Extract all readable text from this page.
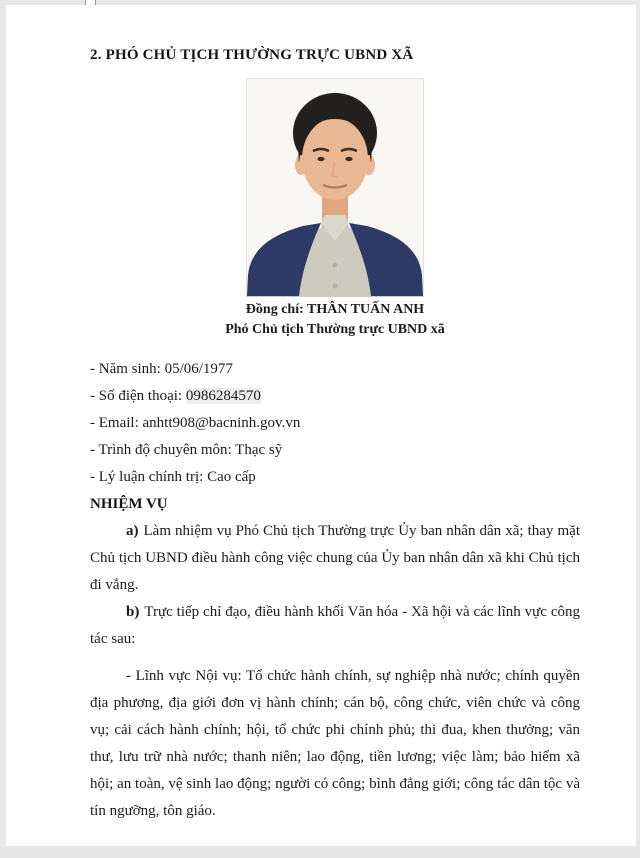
2. PHÓ CHỦ TỊCH THƯỜNG TRỰC UBND XÃ
Đồng chí: THÂN TUẤN ANH
Phó Chủ tịch Thường trực UBND xã
- Năm sinh: 05/06/1977
- Số điện thoại: 0986284570
- Email: anhtt908@bacninh.gov.vn
- Trình độ chuyên môn: Thạc sỹ
- Lý luận chính trị: Cao cấp
NHIỆM VỤ

a) Làm nhiệm vụ Phó Chủ tịch Thường trực Ủy ban nhân dân xã; thay mặt Chủ tịch UBND điều hành công việc chung của Ủy ban nhân dân xã khi Chủ tịch đi vắng.

b) Trực tiếp chỉ đạo, điều hành khối Văn hóa - Xã hội và các lĩnh vực công tác sau:

- Lĩnh vực Nội vụ: Tổ chức hành chính, sự nghiệp nhà nước; chính quyền địa phương, địa giới đơn vị hành chính; cán bộ, công chức, viên chức và công vụ; cải cách hành chính; hội, tổ chức phi chính phủ; thi đua, khen thưởng; văn thư, lưu trữ nhà nước; thanh niên; lao động, tiền lương; việc làm; bảo hiểm xã hội; an toàn, vệ sinh lao động; người có công; bình đẳng giới; công tác dân tộc và tín ngưỡng, tôn giáo.
